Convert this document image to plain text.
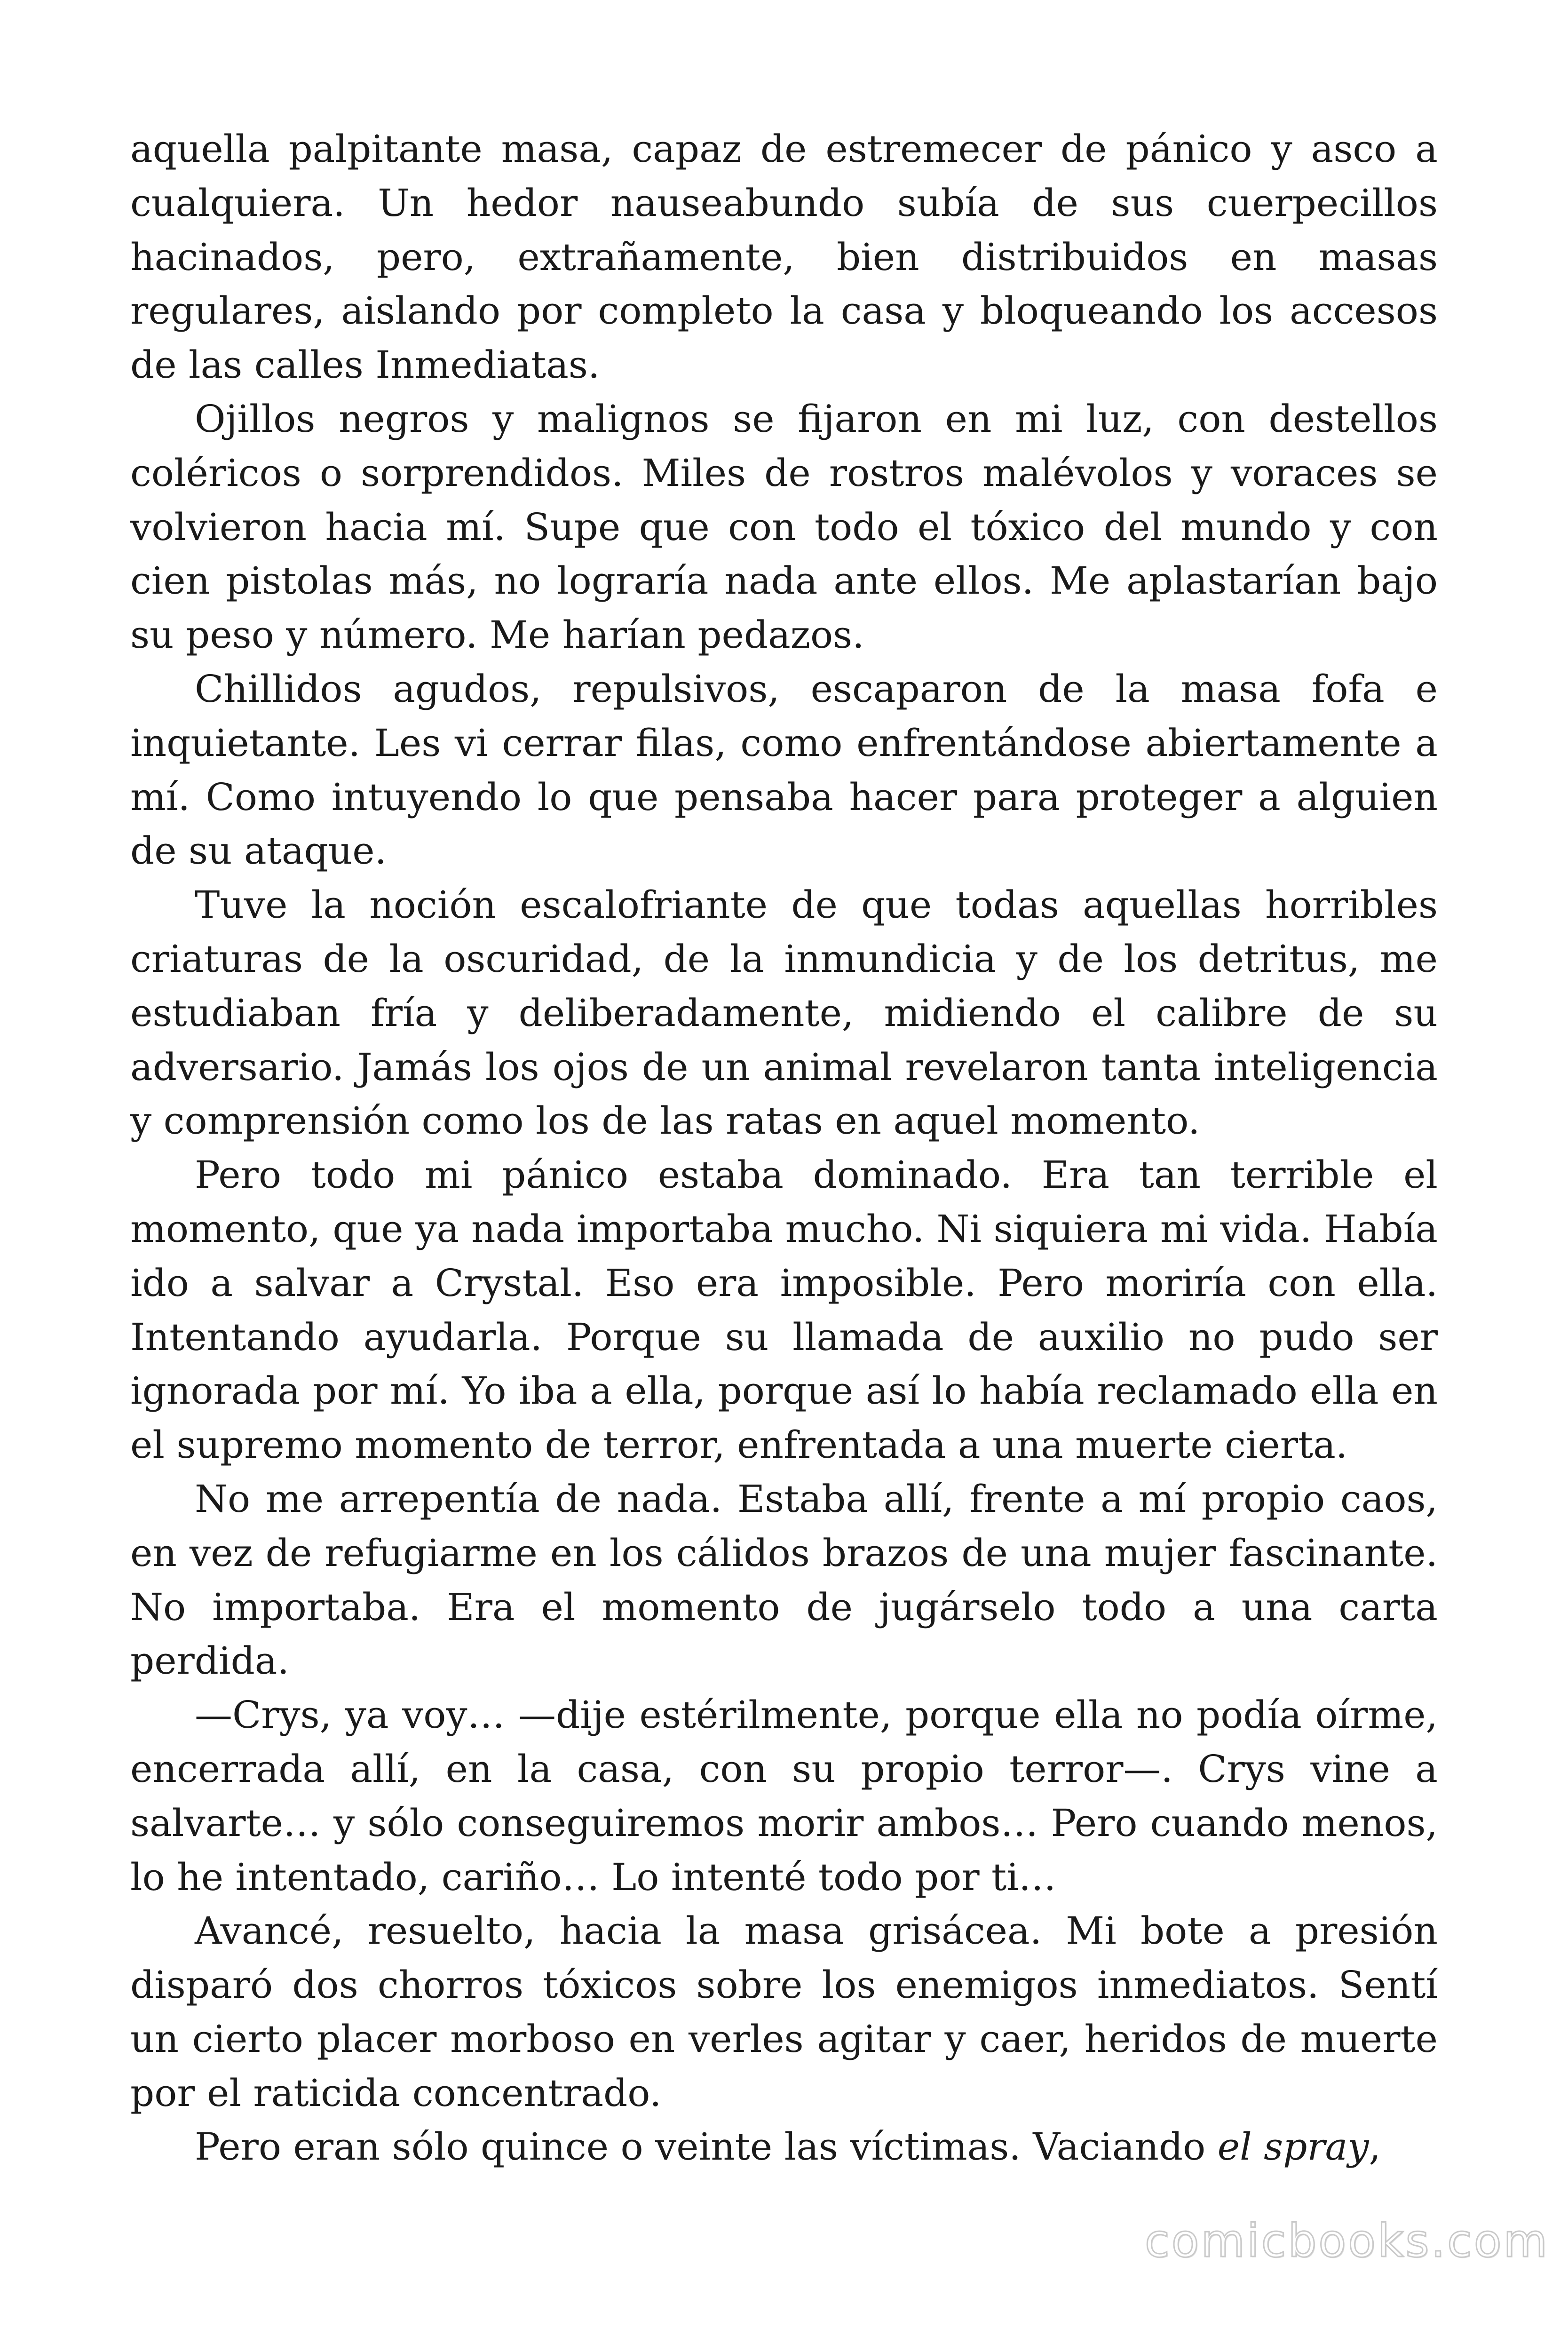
aquella palpitante masa, capaz de estremecer de pánico y asco a cualquiera. Un hedor nauseabundo subía de sus cuerpecillos hacinados, pero, extrañamente, bien distribuidos en masas regulares, aislando por completo la casa y bloqueando los accesos de las calles Inmediatas.

Ojillos negros y malignos se fijaron en mi luz, con destellos coléricos o sorprendidos. Miles de rostros malévolos y voraces se volvieron hacia mí. Supe que con todo el tóxico del mundo y con cien pistolas más, no lograría nada ante ellos. Me aplastarían bajo su peso y número. Me harían pedazos.

Chillidos agudos, repulsivos, escaparon de la masa fofa e inquietante. Les vi cerrar filas, como enfrentándose abiertamente a mí. Como intuyendo lo que pensaba hacer para proteger a alguien de su ataque.

Tuve la noción escalofriante de que todas aquellas horribles criaturas de la oscuridad, de la inmundicia y de los detritus, me estudiaban fría y deliberadamente, midiendo el calibre de su adversario. Jamás los ojos de un animal revelaron tanta inteligencia y comprensión como los de las ratas en aquel momento.

Pero todo mi pánico estaba dominado. Era tan terrible el momento, que ya nada importaba mucho. Ni siquiera mi vida. Había ido a salvar a Crystal. Eso era imposible. Pero moriría con ella. Intentando ayudarla. Porque su llamada de auxilio no pudo ser ignorada por mí. Yo iba a ella, porque así lo había reclamado ella en el supremo momento de terror, enfrentada a una muerte cierta.

No me arrepentía de nada. Estaba allí, frente a mí propio caos, en vez de refugiarme en los cálidos brazos de una mujer fascinante. No importaba. Era el momento de jugárselo todo a una carta perdida.

—Crys, ya voy… —dije estérilmente, porque ella no podía oírme, encerrada allí, en la casa, con su propio terror—. Crys vine a salvarte… y sólo conseguiremos morir ambos… Pero cuando menos, lo he intentado, cariño… Lo intenté todo por ti…

Avancé, resuelto, hacia la masa grisácea. Mi bote a presión disparó dos chorros tóxicos sobre los enemigos inmediatos. Sentí un cierto placer morboso en verles agitar y caer, heridos de muerte por el raticida concentrado.

Pero eran sólo quince o veinte las víctimas. Vaciando el spray,

comicbooks.com
